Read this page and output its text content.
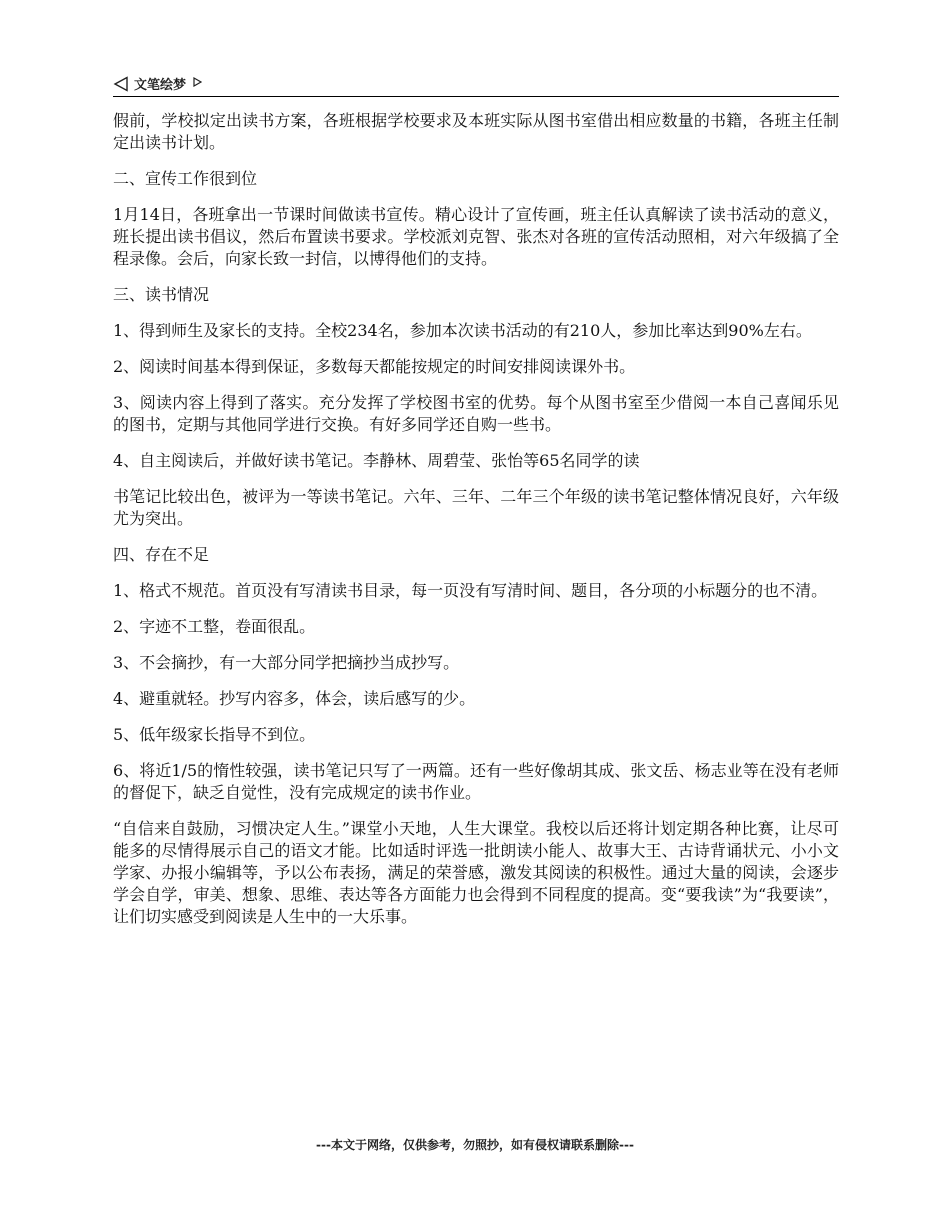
文笔绘梦

假前，学校拟定出读书方案，各班根据学校要求及本班实际从图书室借出相应数量的书籍，各班主任制定出读书计划。

二、宣传工作很到位

1月14日，各班拿出一节课时间做读书宣传。精心设计了宣传画，班主任认真解读了读书活动的意义，班长提出读书倡议，然后布置读书要求。学校派刘克智、张杰对各班的宣传活动照相，对六年级搞了全程录像。会后，向家长致一封信，以博得他们的支持。

三、读书情况

1、得到师生及家长的支持。全校234名，参加本次读书活动的有210人，参加比率达到90%左右。

2、阅读时间基本得到保证，多数每天都能按规定的时间安排阅读课外书。

3、阅读内容上得到了落实。充分发挥了学校图书室的优势。每个从图书室至少借阅一本自己喜闻乐见的图书，定期与其他同学进行交换。有好多同学还自购一些书。

4、自主阅读后，并做好读书笔记。李静林、周碧莹、张怡等65名同学的读

书笔记比较出色，被评为一等读书笔记。六年、三年、二年三个年级的读书笔记整体情况良好，六年级尤为突出。

四、存在不足

1、格式不规范。首页没有写清读书目录，每一页没有写清时间、题目，各分项的小标题分的也不清。

2、字迹不工整，卷面很乱。

3、不会摘抄，有一大部分同学把摘抄当成抄写。

4、避重就轻。抄写内容多，体会，读后感写的少。

5、低年级家长指导不到位。

6、将近1/5的惰性较强，读书笔记只写了一两篇。还有一些好像胡其成、张文岳、杨志业等在没有老师的督促下，缺乏自觉性，没有完成规定的读书作业。

“自信来自鼓励，习惯决定人生。”课堂小天地，人生大课堂。我校以后还将计划定期各种比赛，让尽可能多的尽情得展示自己的语文才能。比如适时评选一批朗读小能人、故事大王、古诗背诵状元、小小文学家、办报小编辑等，予以公布表扬，满足的荣誉感，激发其阅读的积极性。通过大量的阅读，会逐步学会自学，审美、想象、思维、表达等各方面能力也会得到不同程度的提高。变“要我读”为“我要读”，让们切实感受到阅读是人生中的一大乐事。

---本文于网络，仅供参考，勿照抄，如有侵权请联系删除---
